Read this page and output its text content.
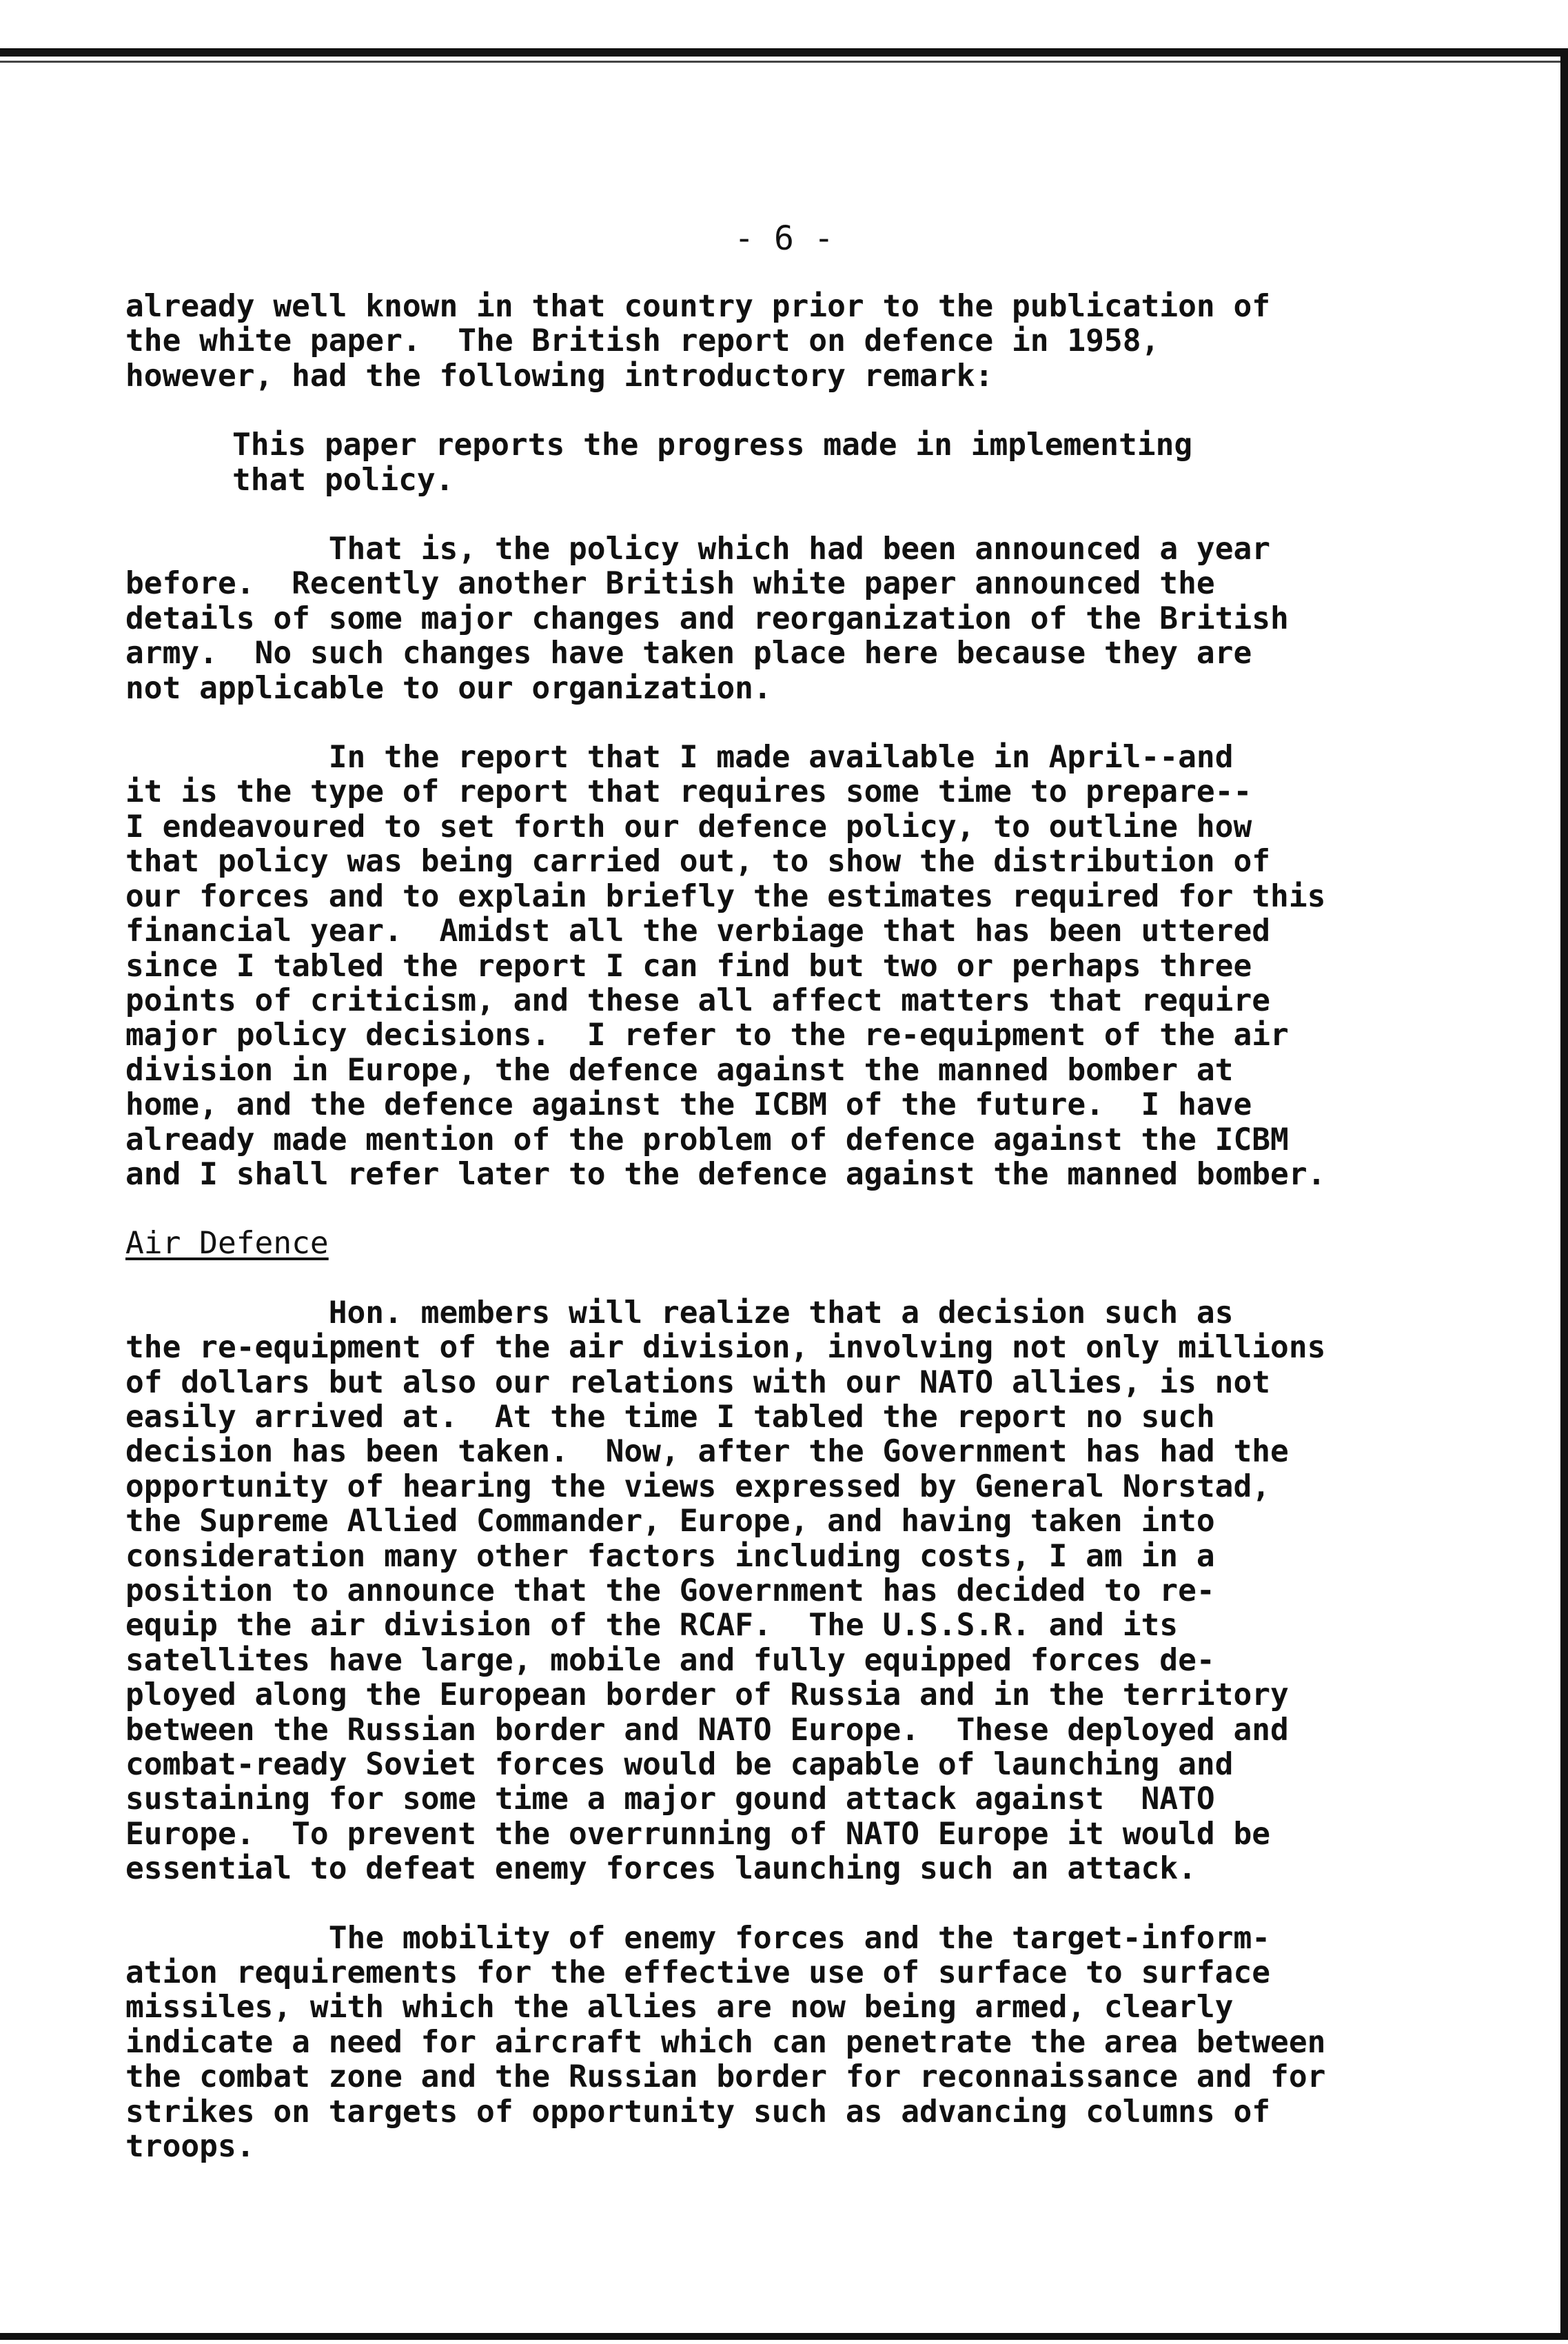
- 6 -

already well known in that country prior to the publication of
the white paper.  The British report on defence in 1958,
however, had the following introductory remark:

This paper reports the progress made in implementing
that policy.

That is, the policy which had been announced a year
before.  Recently another British white paper announced the
details of some major changes and reorganization of the British
army.  No such changes have taken place here because they are
not applicable to our organization.

In the report that I made available in April--and
it is the type of report that requires some time to prepare--
I endeavoured to set forth our defence policy, to outline how
that policy was being carried out, to show the distribution of
our forces and to explain briefly the estimates required for this
financial year.  Amidst all the verbiage that has been uttered
since I tabled the report I can find but two or perhaps three
points of criticism, and these all affect matters that require
major policy decisions.  I refer to the re-equipment of the air
division in Europe, the defence against the manned bomber at
home, and the defence against the ICBM of the future.  I have
already made mention of the problem of defence against the ICBM
and I shall refer later to the defence against the manned bomber.

Air Defence

Hon. members will realize that a decision such as
the re-equipment of the air division, involving not only millions
of dollars but also our relations with our NATO allies, is not
easily arrived at.  At the time I tabled the report no such
decision has been taken.  Now, after the Government has had the
opportunity of hearing the views expressed by General Norstad,
the Supreme Allied Commander, Europe, and having taken into
consideration many other factors including costs, I am in a
position to announce that the Government has decided to re-
equip the air division of the RCAF.  The U.S.S.R. and its
satellites have large, mobile and fully equipped forces de-
ployed along the European border of Russia and in the territory
between the Russian border and NATO Europe.  These deployed and
combat-ready Soviet forces would be capable of launching and
sustaining for some time a major gound attack against  NATO
Europe.  To prevent the overrunning of NATO Europe it would be
essential to defeat enemy forces launching such an attack.

The mobility of enemy forces and the target-inform-
ation requirements for the effective use of surface to surface
missiles, with which the allies are now being armed, clearly
indicate a need for aircraft which can penetrate the area between
the combat zone and the Russian border for reconnaissance and for
strikes on targets of opportunity such as advancing columns of
troops.
